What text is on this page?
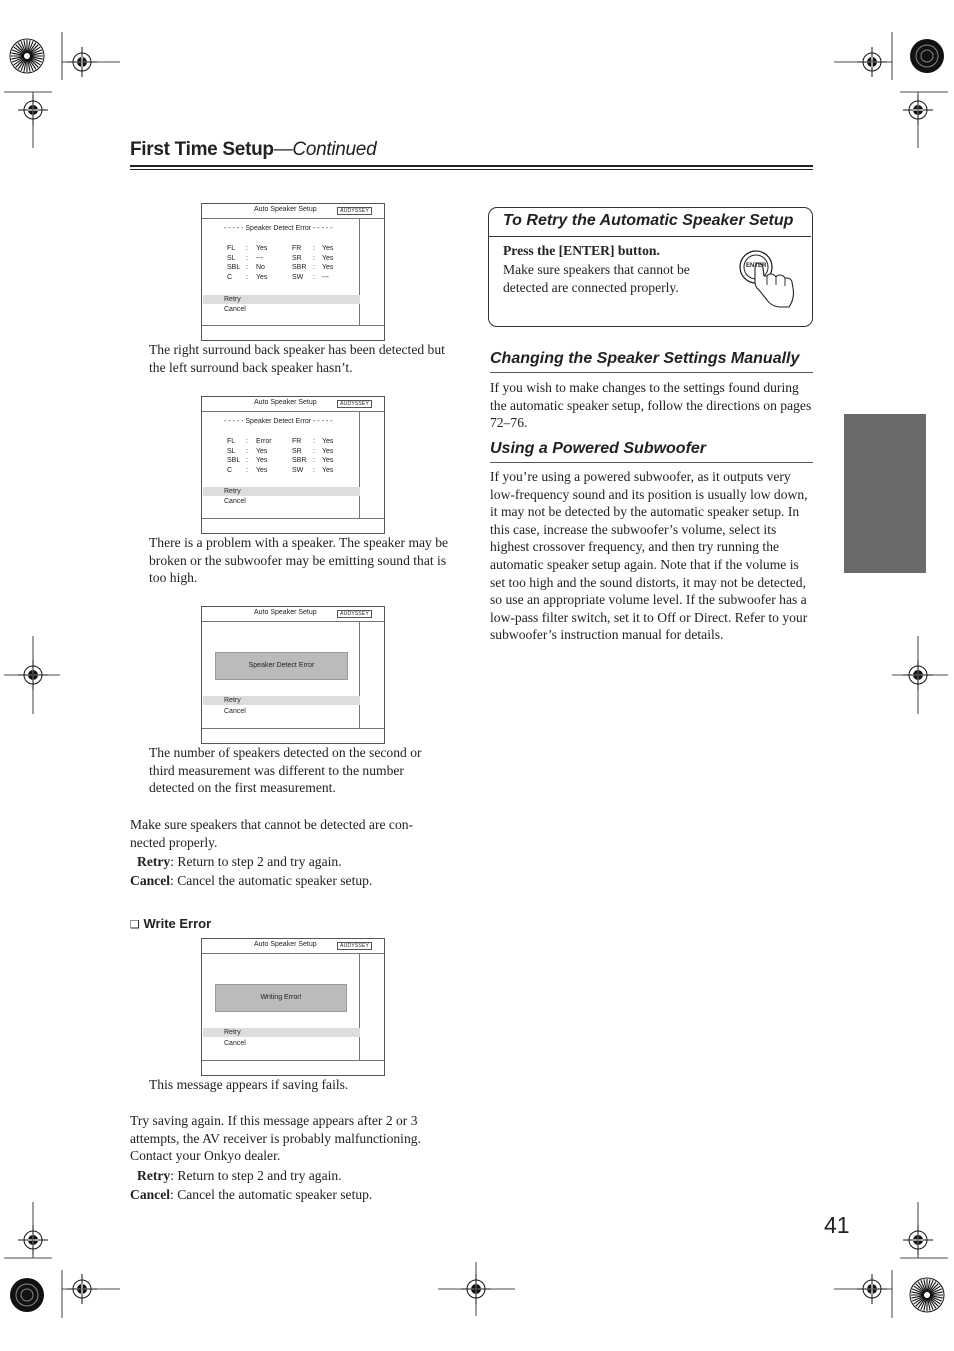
First Time Setup—Continued
Auto Speaker Setup	AUDYSSEY
- - - - - Speaker Detect Error - - - - -
FL : Yes	FR : Yes
SL : ---	SR : Yes
SBL : No	SBR : Yes
C : Yes	SW : ---
Retry
Cancel
The right surround back speaker has been detected but the left surround back speaker hasn’t.
Auto Speaker Setup	AUDYSSEY
- - - - - Speaker Detect Error - - - - -
FL : Error	FR : Yes
SL : Yes	SR : Yes
SBL : Yes	SBR : Yes
C : Yes	SW : Yes
Retry
Cancel
There is a problem with a speaker. The speaker may be broken or the subwoofer may be emitting sound that is too high.
Auto Speaker Setup	AUDYSSEY
Speaker Detect Error
Retry
Cancel
The number of speakers detected on the second or third measurement was different to the number detected on the first measurement.
Make sure speakers that cannot be detected are con- nected properly.
Retry: Return to step 2 and try again.
Cancel: Cancel the automatic speaker setup.
❑ Write Error
Auto Speaker Setup	AUDYSSEY
Writing Error!
Retry
Cancel
This message appears if saving fails.
Try saving again. If this message appears after 2 or 3 attempts, the AV receiver is probably malfunctioning. Contact your Onkyo dealer.
Retry: Return to step 2 and try again.
Cancel: Cancel the automatic speaker setup.
To Retry the Automatic Speaker Setup
Press the [ENTER] button.
Make sure speakers that cannot be detected are connected properly.
ENTER
Changing the Speaker Settings Manually
If you wish to make changes to the settings found during the automatic speaker setup, follow the directions on pages 72–76.
Using a Powered Subwoofer
If you’re using a powered subwoofer, as it outputs very low-frequency sound and its position is usually low down, it may not be detected by the automatic speaker setup. In this case, increase the subwoofer’s volume, select its highest crossover frequency, and then try running the automatic speaker setup again. Note that if the volume is set too high and the sound distorts, it may not be detected, so use an appropriate volume level. If the subwoofer has a low-pass filter switch, set it to Off or Direct. Refer to your subwoofer’s instruction manual for details.
41
